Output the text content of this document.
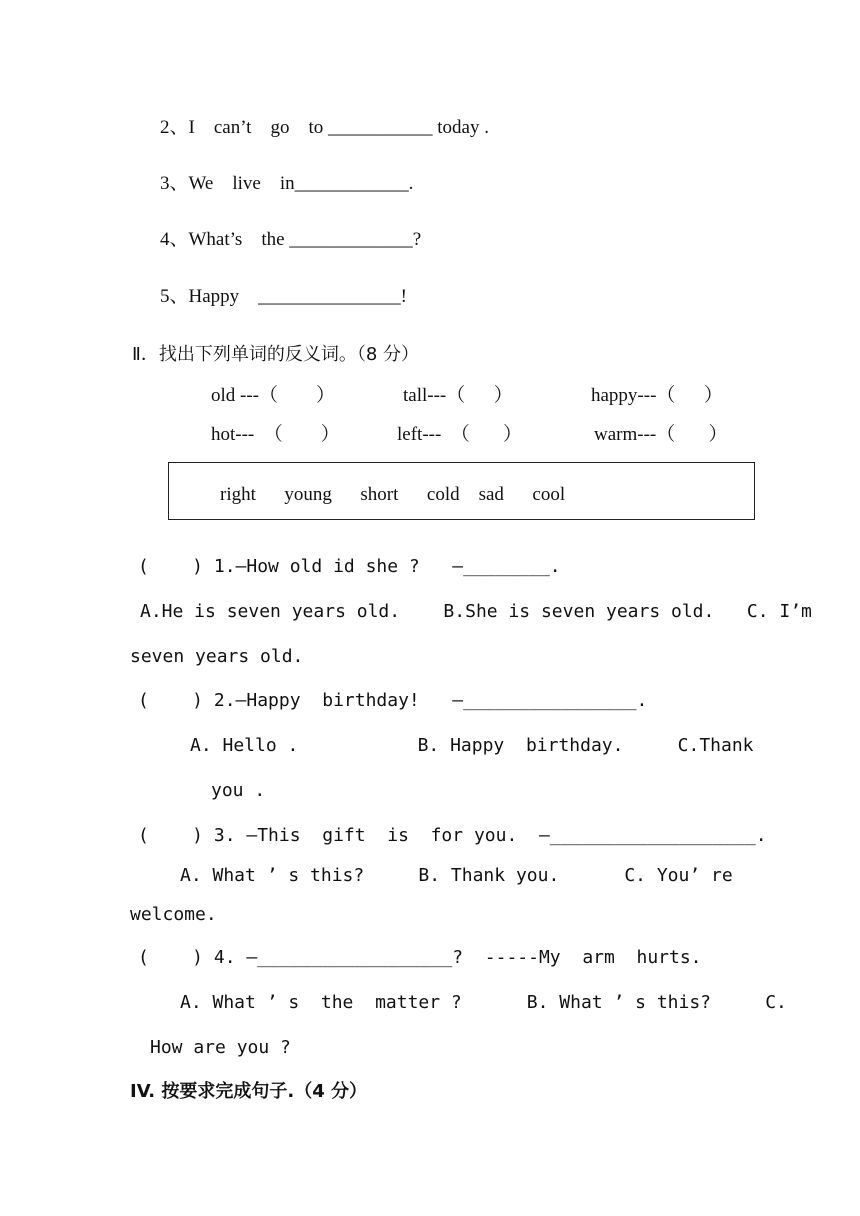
2、I    can’t    go    to ___________ today .
3、We    live    in____________.
4、What’s    the _____________?
5、Happy    _______________!
Ⅱ．找出下列单词的反义词。（8 分）
old ---（        ）	tall---（      ）	happy---（      ）
hot---  （        ）	left---  （       ）	warm---（       ）
right      young      short      cold    sad      cool
(    ) 1.—How old id she ?   —________.
A.He is seven years old.    B.She is seven years old.   C. I’m
seven years old.
(    ) 2.—Happy  birthday!   —________________.
A. Hello .           B. Happy  birthday.     C.Thank
you .
(    ) 3. —This  gift  is  for you.  —___________________.
A. What ’ s this?     B. Thank you.      C. You’ re
welcome.
(    ) 4. —__________________?  -----My  arm  hurts.
A. What ’ s  the  matter ?      B. What ’ s this?     C.
How are you ?
IV. 按要求完成句子.（4 分）
